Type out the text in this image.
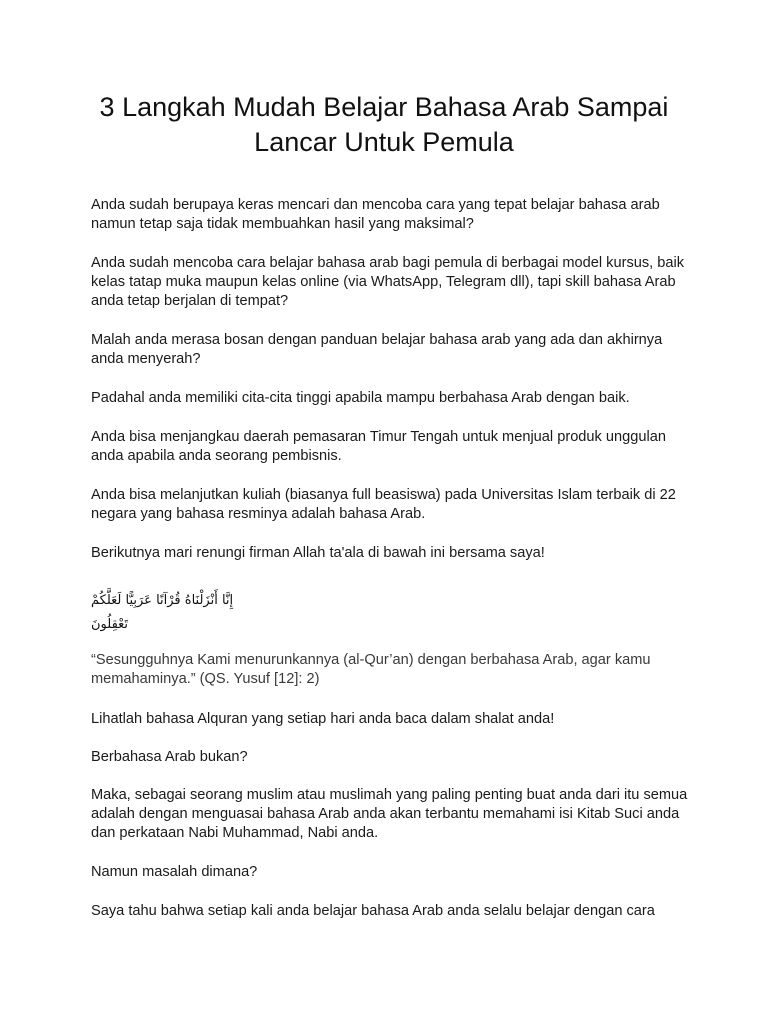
3 Langkah Mudah Belajar Bahasa Arab Sampai Lancar Untuk Pemula

Anda sudah berupaya keras mencari dan mencoba cara yang tepat belajar bahasa arab namun tetap saja tidak membuahkan hasil yang maksimal?

Anda sudah mencoba cara belajar bahasa arab bagi pemula di berbagai model kursus, baik kelas tatap muka maupun kelas online (via WhatsApp, Telegram dll), tapi skill bahasa Arab anda tetap berjalan di tempat?

Malah anda merasa bosan dengan panduan belajar bahasa arab yang ada dan akhirnya anda menyerah?

Padahal anda memiliki cita-cita tinggi apabila mampu berbahasa Arab dengan baik.

Anda bisa menjangkau daerah pemasaran Timur Tengah untuk menjual produk unggulan anda apabila anda seorang pembisnis.

Anda bisa melanjutkan kuliah (biasanya full beasiswa) pada Universitas Islam terbaik di 22 negara yang bahasa resminya adalah bahasa Arab.

Berikutnya mari renungi firman Allah ta'ala di bawah ini bersama saya!

إِنَّا أَنْزَلْنَاهُ قُرْآنًا عَرَبِيًّا لَعَلَّكُمْ تَعْقِلُونَ

“Sesungguhnya Kami menurunkannya (al-Qur’an) dengan berbahasa Arab, agar kamu memahaminya.” (QS. Yusuf [12]: 2)

Lihatlah bahasa Alquran yang setiap hari anda baca dalam shalat anda!

Berbahasa Arab bukan?

Maka, sebagai seorang muslim atau muslimah yang paling penting buat anda dari itu semua adalah dengan menguasai bahasa Arab anda akan terbantu memahami isi Kitab Suci anda dan perkataan Nabi Muhammad, Nabi anda.

Namun masalah dimana?

Saya tahu bahwa setiap kali anda belajar bahasa Arab anda selalu belajar dengan cara
